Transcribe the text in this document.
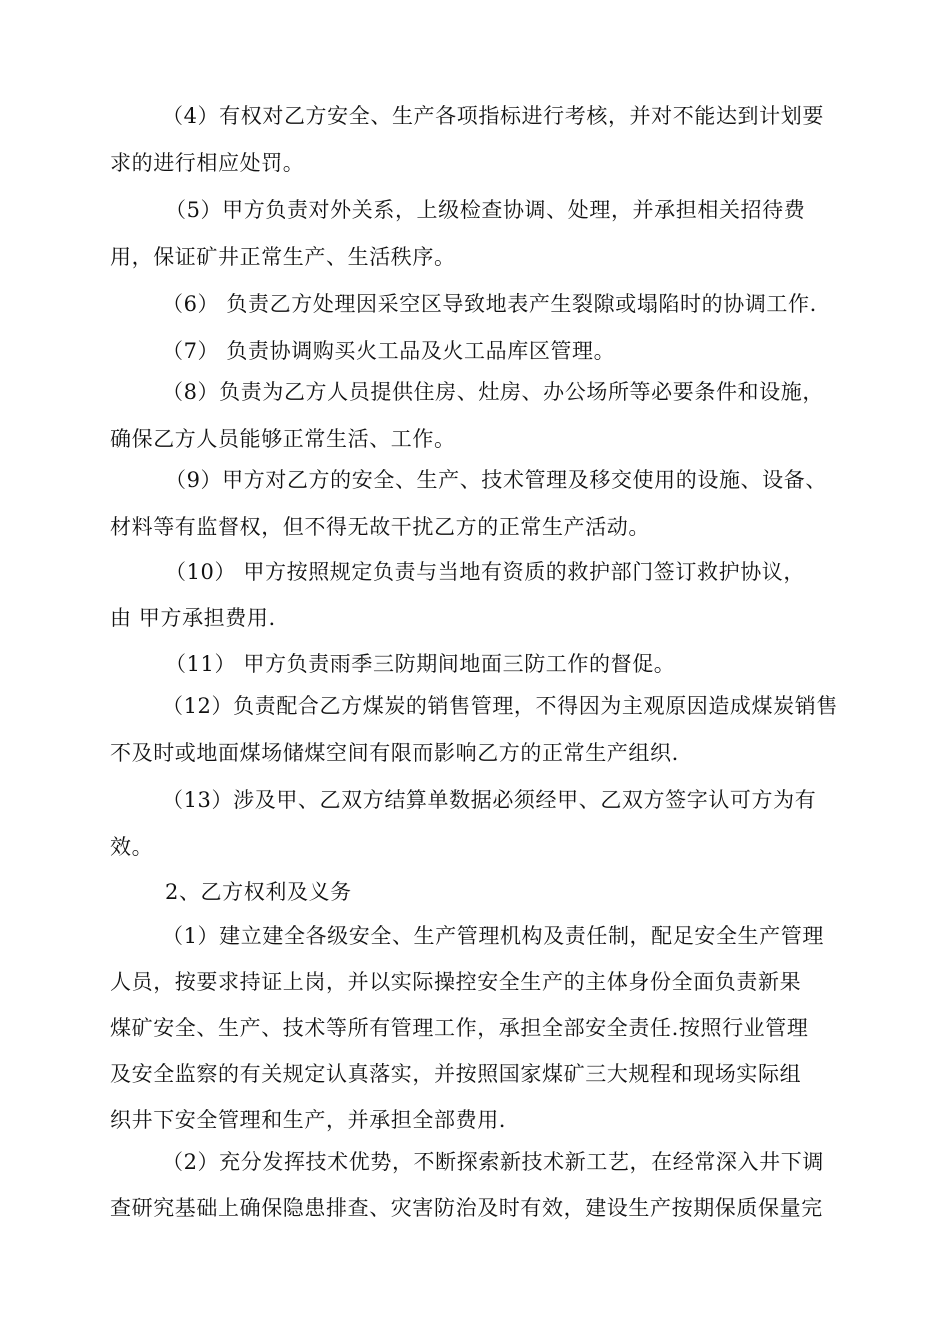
（4）有权对乙方安全、生产各项指标进行考核，并对不能达到计划要
求的进行相应处罚。
（5）甲方负责对外关系，上级检查协调、处理，并承担相关招待费
用，保证矿井正常生产、生活秩序。
（6） 负责乙方处理因采空区导致地表产生裂隙或塌陷时的协调工作.
（7） 负责协调购买火工品及火工品库区管理。
（8）负责为乙方人员提供住房、灶房、办公场所等必要条件和设施，
确保乙方人员能够正常生活、工作。
（9）甲方对乙方的安全、生产、技术管理及移交使用的设施、设备、
材料等有监督权，但不得无故干扰乙方的正常生产活动。
（10） 甲方按照规定负责与当地有资质的救护部门签订救护协议，
由 甲方承担费用.
（11） 甲方负责雨季三防期间地面三防工作的督促。
（12）负责配合乙方煤炭的销售管理，不得因为主观原因造成煤炭销售
不及时或地面煤场储煤空间有限而影响乙方的正常生产组织.
（13）涉及甲、乙双方结算单数据必须经甲、乙双方签字认可方为有
效。
2、乙方权利及义务
（1）建立建全各级安全、生产管理机构及责任制，配足安全生产管理
人员，按要求持证上岗，并以实际操控安全生产的主体身份全面负责新果
煤矿安全、生产、技术等所有管理工作，承担全部安全责任.按照行业管理
及安全监察的有关规定认真落实，并按照国家煤矿三大规程和现场实际组
织井下安全管理和生产，并承担全部费用.
（2）充分发挥技术优势，不断探索新技术新工艺，在经常深入井下调
查研究基础上确保隐患排查、灾害防治及时有效，建设生产按期保质保量完
